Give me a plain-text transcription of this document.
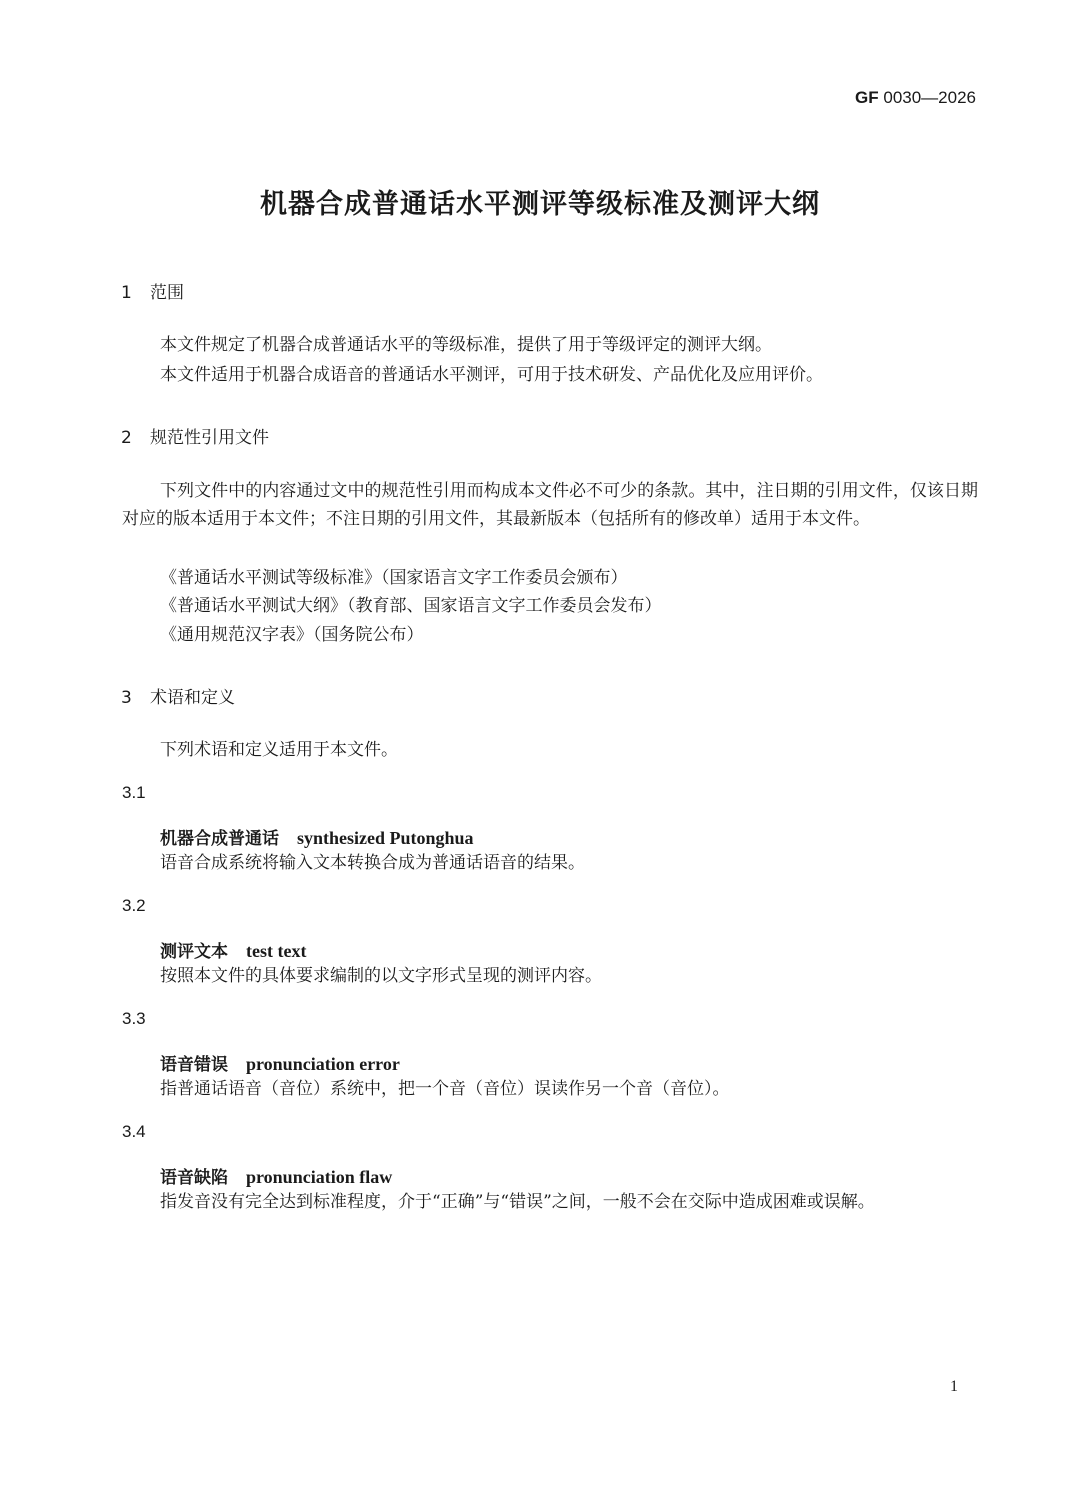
GF 0030—2026
机器合成普通话水平测评等级标准及测评大纲
1 范围
本文件规定了机器合成普通话水平的等级标准，提供了用于等级评定的测评大纲。
本文件适用于机器合成语音的普通话水平测评，可用于技术研发、产品优化及应用评价。
2 规范性引用文件
下列文件中的内容通过文中的规范性引用而构成本文件必不可少的条款。其中，注日期的引用文件，仅该日期对应的版本适用于本文件；不注日期的引用文件，其最新版本（包括所有的修改单）适用于本文件。
《普通话水平测试等级标准》（国家语言文字工作委员会颁布）
《普通话水平测试大纲》（教育部、国家语言文字工作委员会发布）
《通用规范汉字表》（国务院公布）
3 术语和定义
下列术语和定义适用于本文件。
3.1
机器合成普通话 synthesized Putonghua
语音合成系统将输入文本转换合成为普通话语音的结果。
3.2
测评文本 test text
按照本文件的具体要求编制的以文字形式呈现的测评内容。
3.3
语音错误 pronunciation error
指普通话语音（音位）系统中，把一个音（音位）误读作另一个音（音位）。
3.4
语音缺陷 pronunciation flaw
指发音没有完全达到标准程度，介于“正确”与“错误”之间，一般不会在交际中造成困难或误解。
1
